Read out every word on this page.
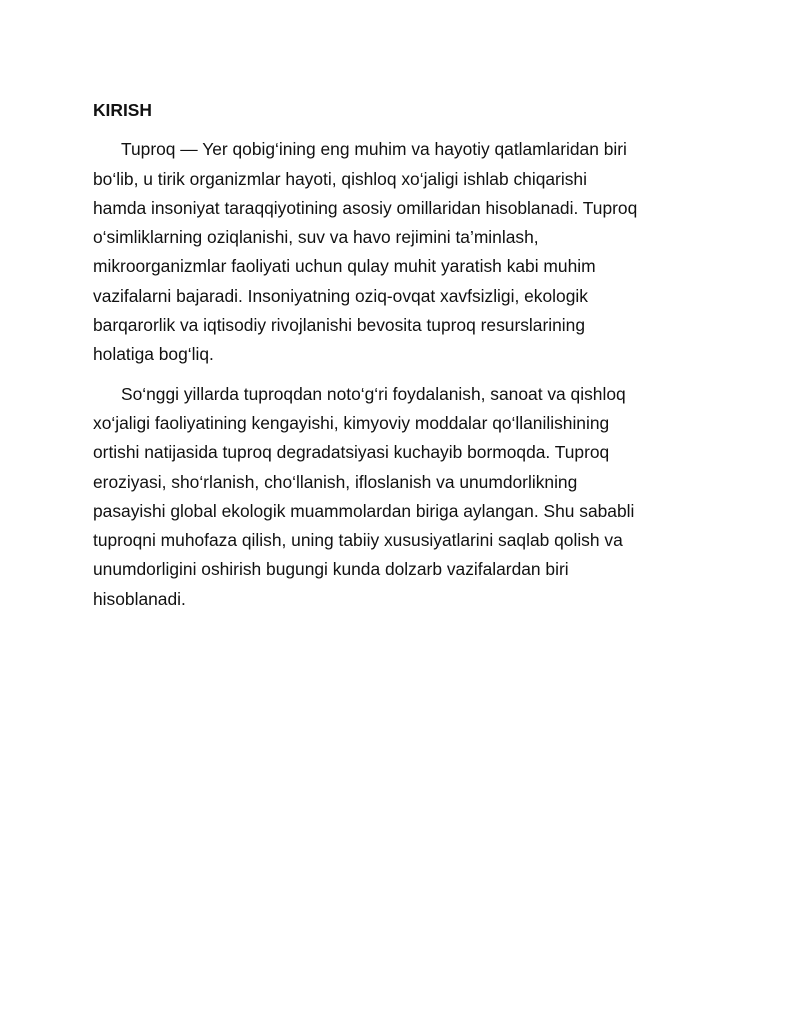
KIRISH
Tuproq — Yer qobig‘ining eng muhim va hayotiy qatlamlaridan biri
bo‘lib, u tirik organizmlar hayoti, qishloq xo‘jaligi ishlab chiqarishi
hamda insoniyat taraqqiyotining asosiy omillaridan hisoblanadi. Tuproq
o‘simliklarning oziqlanishi, suv va havo rejimini ta’minlash,
mikroorganizmlar faoliyati uchun qulay muhit yaratish kabi muhim
vazifalarni bajaradi. Insoniyatning oziq-ovqat xavfsizligi, ekologik
barqarorlik va iqtisodiy rivojlanishi bevosita tuproq resurslarining
holatiga bog‘liq.
So‘nggi yillarda tuproqdan noto‘g‘ri foydalanish, sanoat va qishloq
xo‘jaligi faoliyatining kengayishi, kimyoviy moddalar qo‘llanilishining
ortishi natijasida tuproq degradatsiyasi kuchayib bormoqda. Tuproq
eroziyasi, sho‘rlanish, cho‘llanish, ifloslanish va unumdorlikning
pasayishi global ekologik muammolardan biriga aylangan. Shu sababli
tuproqni muhofaza qilish, uning tabiiy xususiyatlarini saqlab qolish va
unumdorligini oshirish bugungi kunda dolzarb vazifalardan biri
hisoblanadi.
